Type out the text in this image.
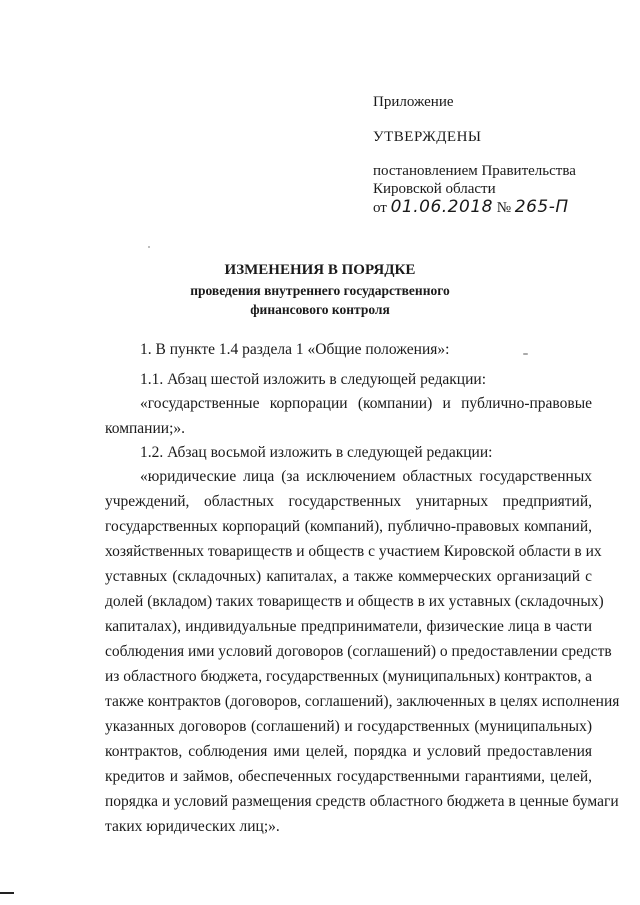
Приложение
УТВЕРЖДЕНЫ
постановлением Правительства
Кировской области
от 01.06.2018 № 265-П
ИЗМЕНЕНИЯ В ПОРЯДКЕ
проведения внутреннего государственного
финансового контроля
1. В пункте 1.4 раздела 1 «Общие положения»:
1.1. Абзац шестой изложить в следующей редакции:
«государственные корпорации (компании) и публично-правовые
компании;».
1.2. Абзац восьмой изложить в следующей редакции:
«юридические лица (за исключением областных государственных
учреждений, областных государственных унитарных предприятий,
государственных корпораций (компаний), публично-правовых компаний,
хозяйственных товариществ и обществ с участием Кировской области в их
уставных (складочных) капиталах, а также коммерческих организаций с
долей (вкладом) таких товариществ и обществ в их уставных (складочных)
капиталах), индивидуальные предприниматели, физические лица в части
соблюдения ими условий договоров (соглашений) о предоставлении средств
из областного бюджета, государственных (муниципальных) контрактов, а
также контрактов (договоров, соглашений), заключенных в целях исполнения
указанных договоров (соглашений) и государственных (муниципальных)
контрактов, соблюдения ими целей, порядка и условий предоставления
кредитов и займов, обеспеченных государственными гарантиями, целей,
порядка и условий размещения средств областного бюджета в ценные бумаги
таких юридических лиц;».
